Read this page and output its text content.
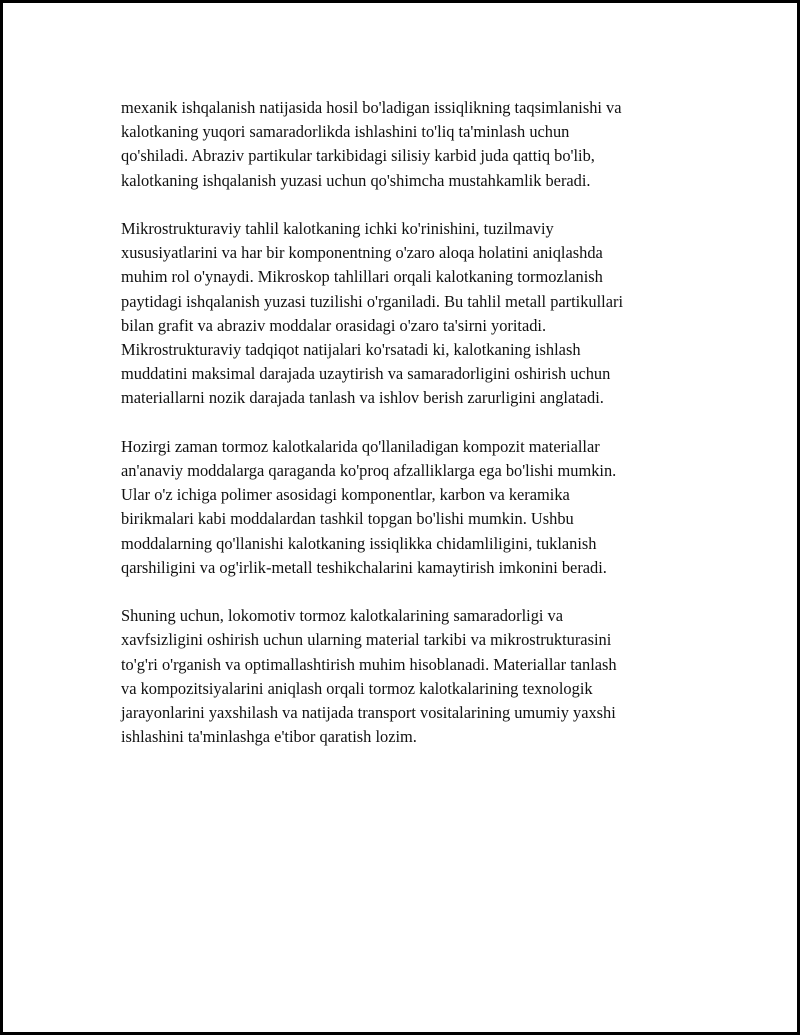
mexanik ishqalanish natijasida hosil bo'ladigan issiqlikning taqsimlanishi va
kalotkaning yuqori samaradorlikda ishlashini to'liq ta'minlash uchun
qo'shiladi. Abraziv partikular tarkibidagi silisiy karbid juda qattiq bo'lib,
kalotkaning ishqalanish yuzasi uchun qo'shimcha mustahkamlik beradi.

Mikrostrukturaviy tahlil kalotkaning ichki ko'rinishini, tuzilmaviy
xususiyatlarini va har bir komponentning o'zaro aloqa holatini aniqlashda
muhim rol o'ynaydi. Mikroskop tahlillari orqali kalotkaning tormozlanish
paytidagi ishqalanish yuzasi tuzilishi o'rganiladi. Bu tahlil metall partikullari
bilan grafit va abraziv moddalar orasidagi o'zaro ta'sirni yoritadi.
Mikrostrukturaviy tadqiqot natijalari ko'rsatadi ki, kalotkaning ishlash
muddatini maksimal darajada uzaytirish va samaradorligini oshirish uchun
materiallarni nozik darajada tanlash va ishlov berish zarurligini anglatadi.

Hozirgi zaman tormoz kalotkalarida qo'llaniladigan kompozit materiallar
an'anaviy moddalarga qaraganda ko'proq afzalliklarga ega bo'lishi mumkin.
Ular o'z ichiga polimer asosidagi komponentlar, karbon va keramika
birikmalari kabi moddalardan tashkil topgan bo'lishi mumkin. Ushbu
moddalarning qo'llanishi kalotkaning issiqlikka chidamliligini, tuklanish
qarshiligini va og'irlik-metall teshikchalarini kamaytirish imkonini beradi.

Shuning uchun, lokomotiv tormoz kalotkalarining samaradorligi va
xavfsizligini oshirish uchun ularning material tarkibi va mikrostrukturasini
to'g'ri o'rganish va optimallashtirish muhim hisoblanadi. Materiallar tanlash
va kompozitsiyalarini aniqlash orqali tormoz kalotkalarining texnologik
jarayonlarini yaxshilash va natijada transport vositalarining umumiy yaxshi
ishlashini ta'minlashga e'tibor qaratish lozim.
